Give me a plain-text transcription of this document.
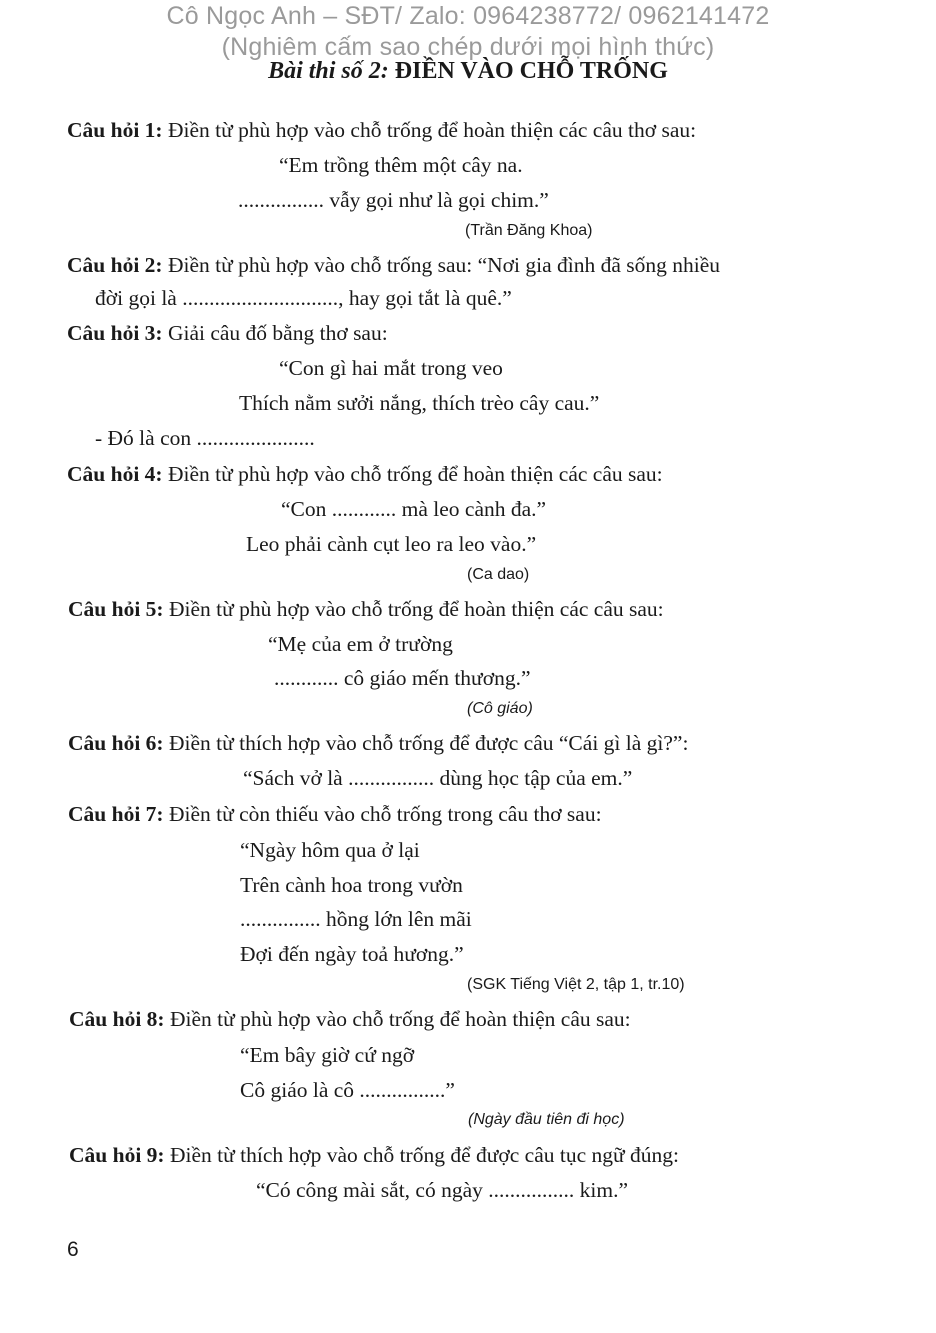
Cô Ngọc Anh – SĐT/ Zalo: 0964238772/ 0962141472
(Nghiêm cấm sao chép dưới mọi hình thức)
Bài thi số 2: ĐIỀN VÀO CHỖ TRỐNG
Câu hỏi 1: Điền từ phù hợp vào chỗ trống để hoàn thiện các câu thơ sau:
“Em trồng thêm một cây na.
................ vẫy gọi như là gọi chim.”
(Trần Đăng Khoa)
Câu hỏi 2: Điền từ phù hợp vào chỗ trống sau: “Nơi gia đình đã sống nhiều
đời gọi là ............................., hay gọi tắt là quê.”
Câu hỏi 3: Giải câu đố bằng thơ sau:
“Con gì hai mắt trong veo
Thích nằm sưởi nắng, thích trèo cây cau.”
- Đó là con ......................
Câu hỏi 4: Điền từ phù hợp vào chỗ trống để hoàn thiện các câu sau:
“Con ............ mà leo cành đa.”
Leo phải cành cụt leo ra leo vào.”
(Ca dao)
Câu hỏi 5: Điền từ phù hợp vào chỗ trống để hoàn thiện các câu sau:
“Mẹ của em ở trường
............ cô giáo mến thương.”
(Cô giáo)
Câu hỏi 6: Điền từ thích hợp vào chỗ trống để được câu “Cái gì là gì?”:
“Sách vở là ................ dùng học tập của em.”
Câu hỏi 7: Điền từ còn thiếu vào chỗ trống trong câu thơ sau:
“Ngày hôm qua ở lại
Trên cành hoa trong vườn
............... hồng lớn lên mãi
Đợi đến ngày toả hương.”
(SGK Tiếng Việt 2, tập 1, tr.10)
Câu hỏi 8: Điền từ phù hợp vào chỗ trống để hoàn thiện câu sau:
“Em bây giờ cứ ngỡ
Cô giáo là cô ................”
(Ngày đầu tiên đi học)
Câu hỏi 9: Điền từ thích hợp vào chỗ trống để được câu tục ngữ đúng:
“Có công mài sắt, có ngày ................ kim.”
6
